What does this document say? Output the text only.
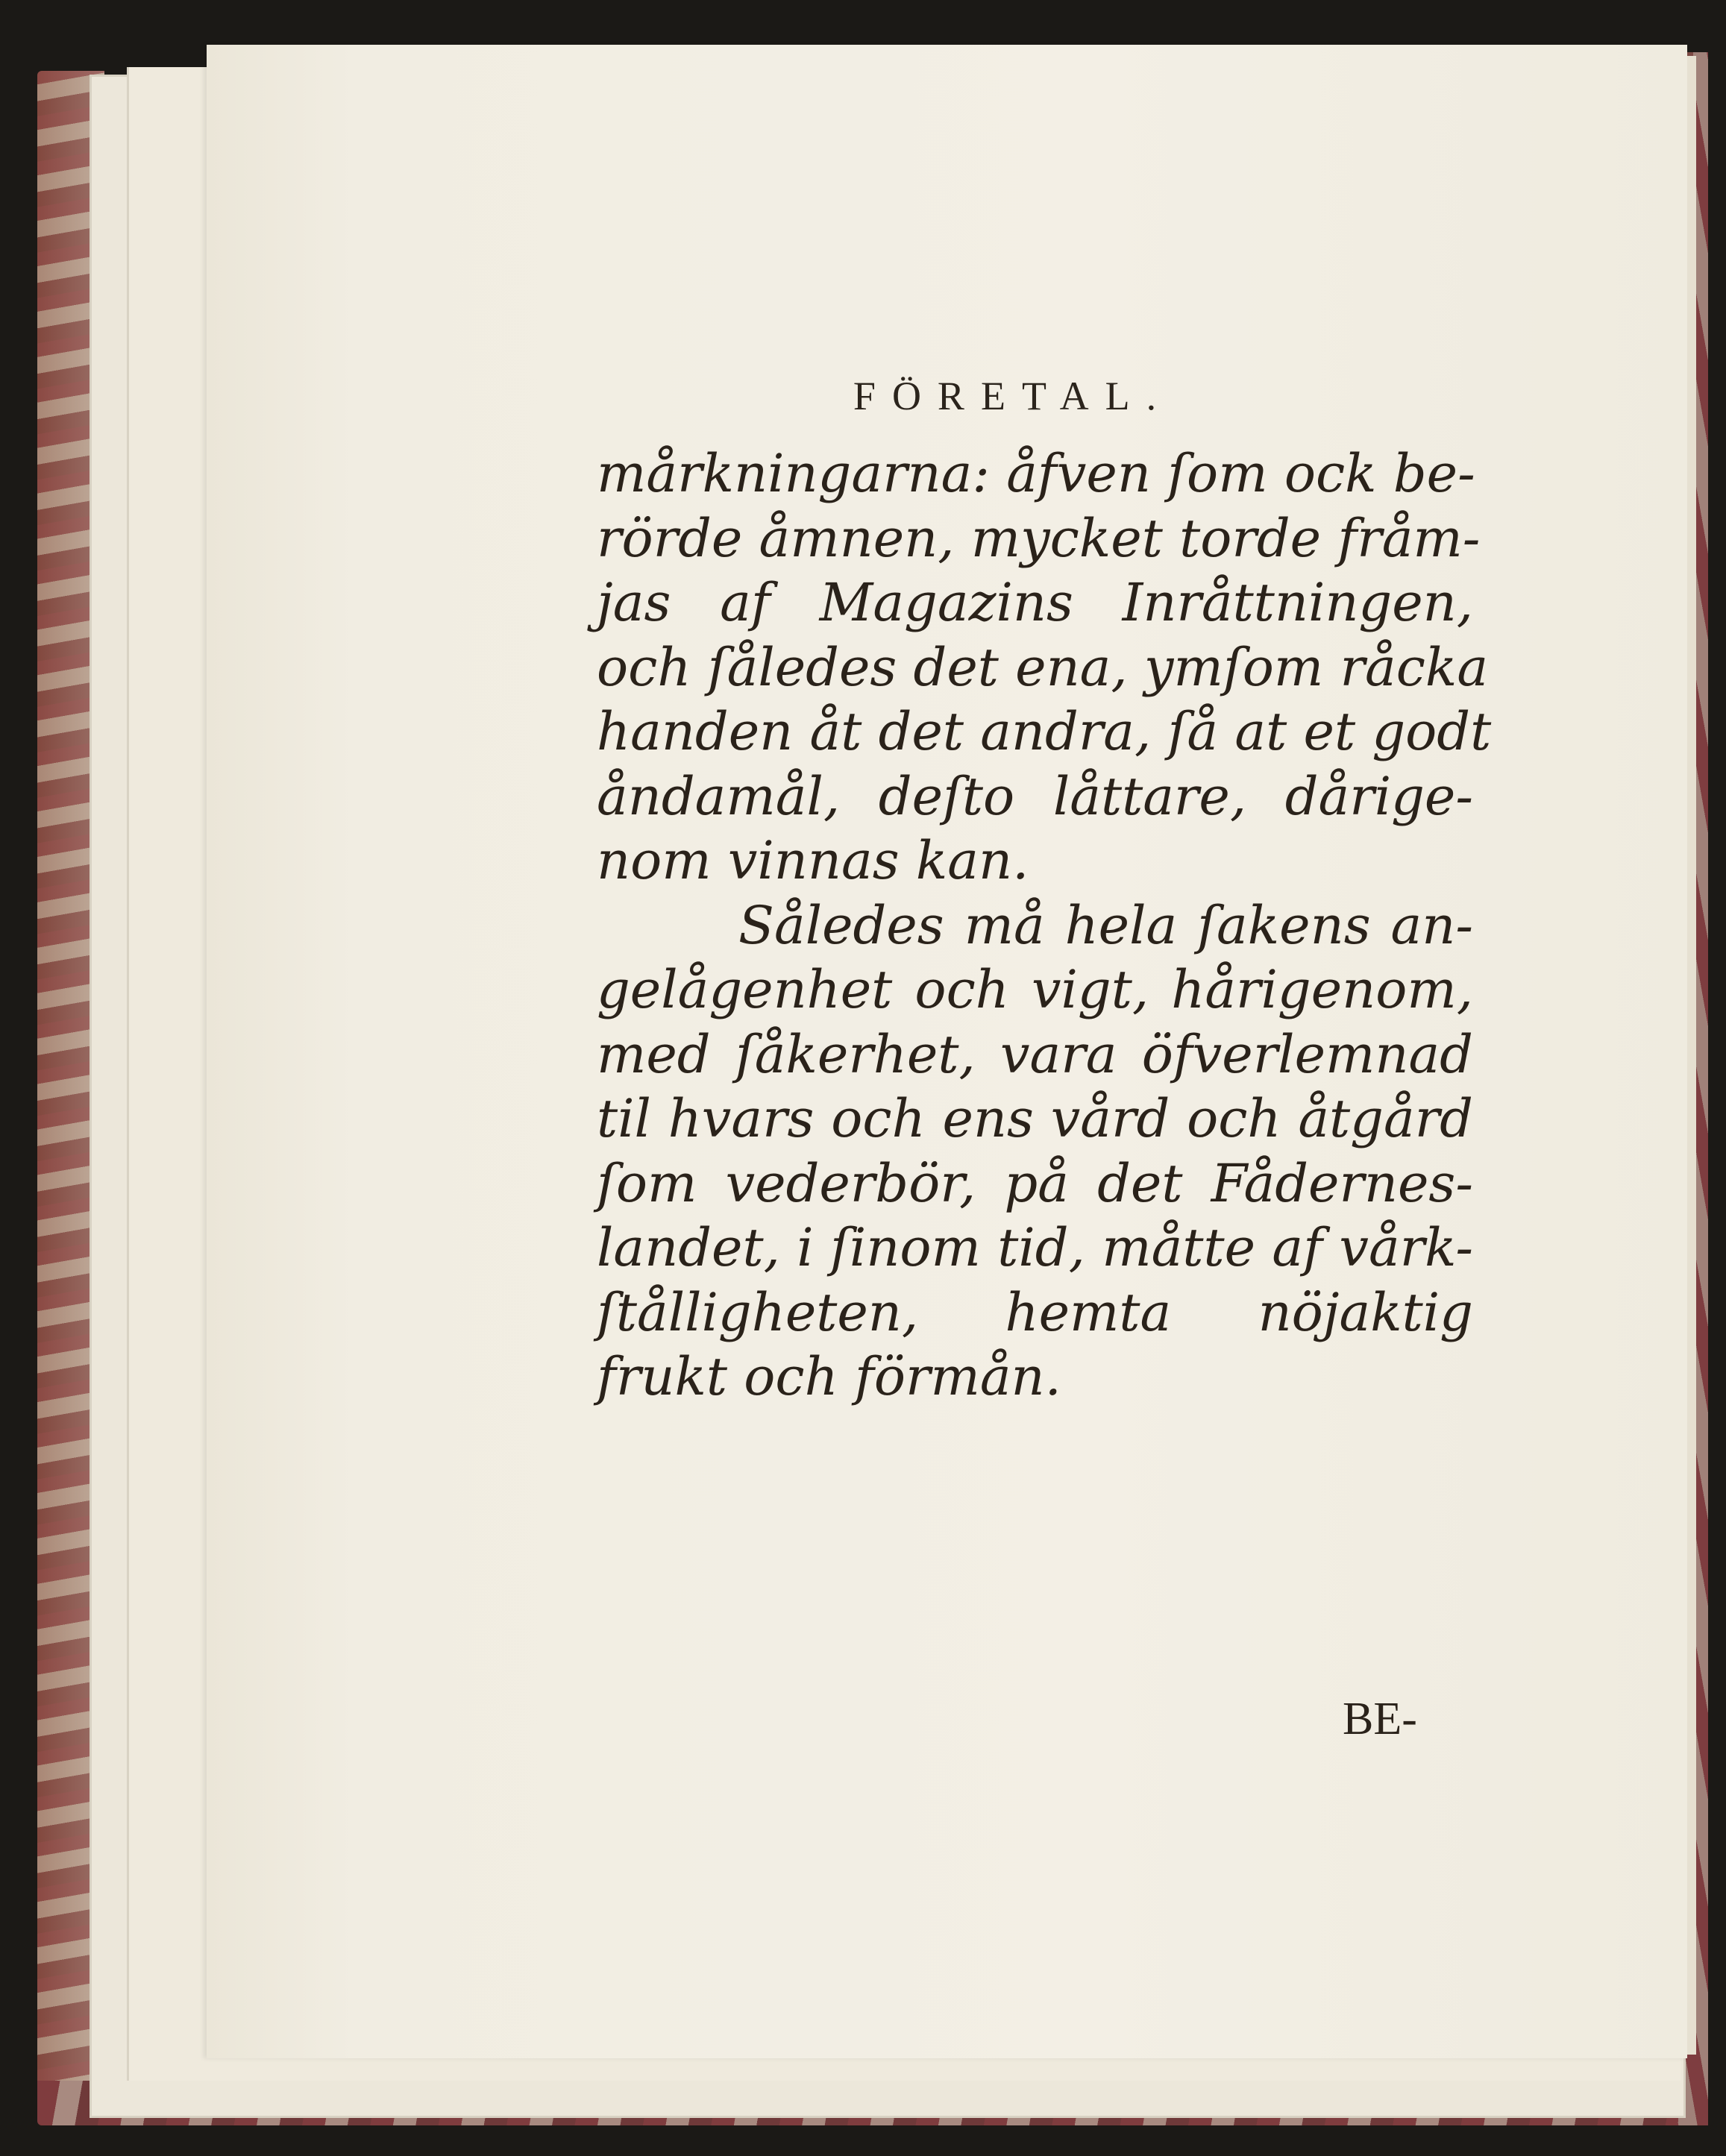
FÖRETAL.
mårkningarna: åfven ſom ock be-
rörde åmnen, mycket torde fråm-
jas af Magazins Inråttningen,
och ſåledes det ena, ymſom råcka
handen åt det andra, ſå at et godt
åndamål, deſto låttare, dårige-
nom vinnas kan.
Således må hela ſakens an-
gelågenhet och vigt, hårigenom,
med ſåkerhet, vara öfverlemnad
til hvars och ens vård och åtgård
ſom vederbör, på det Fådernes-
landet, i ſinom tid, måtte af vårk-
ſtålligheten, hemta nöjaktig
frukt och förmån.
BE-
